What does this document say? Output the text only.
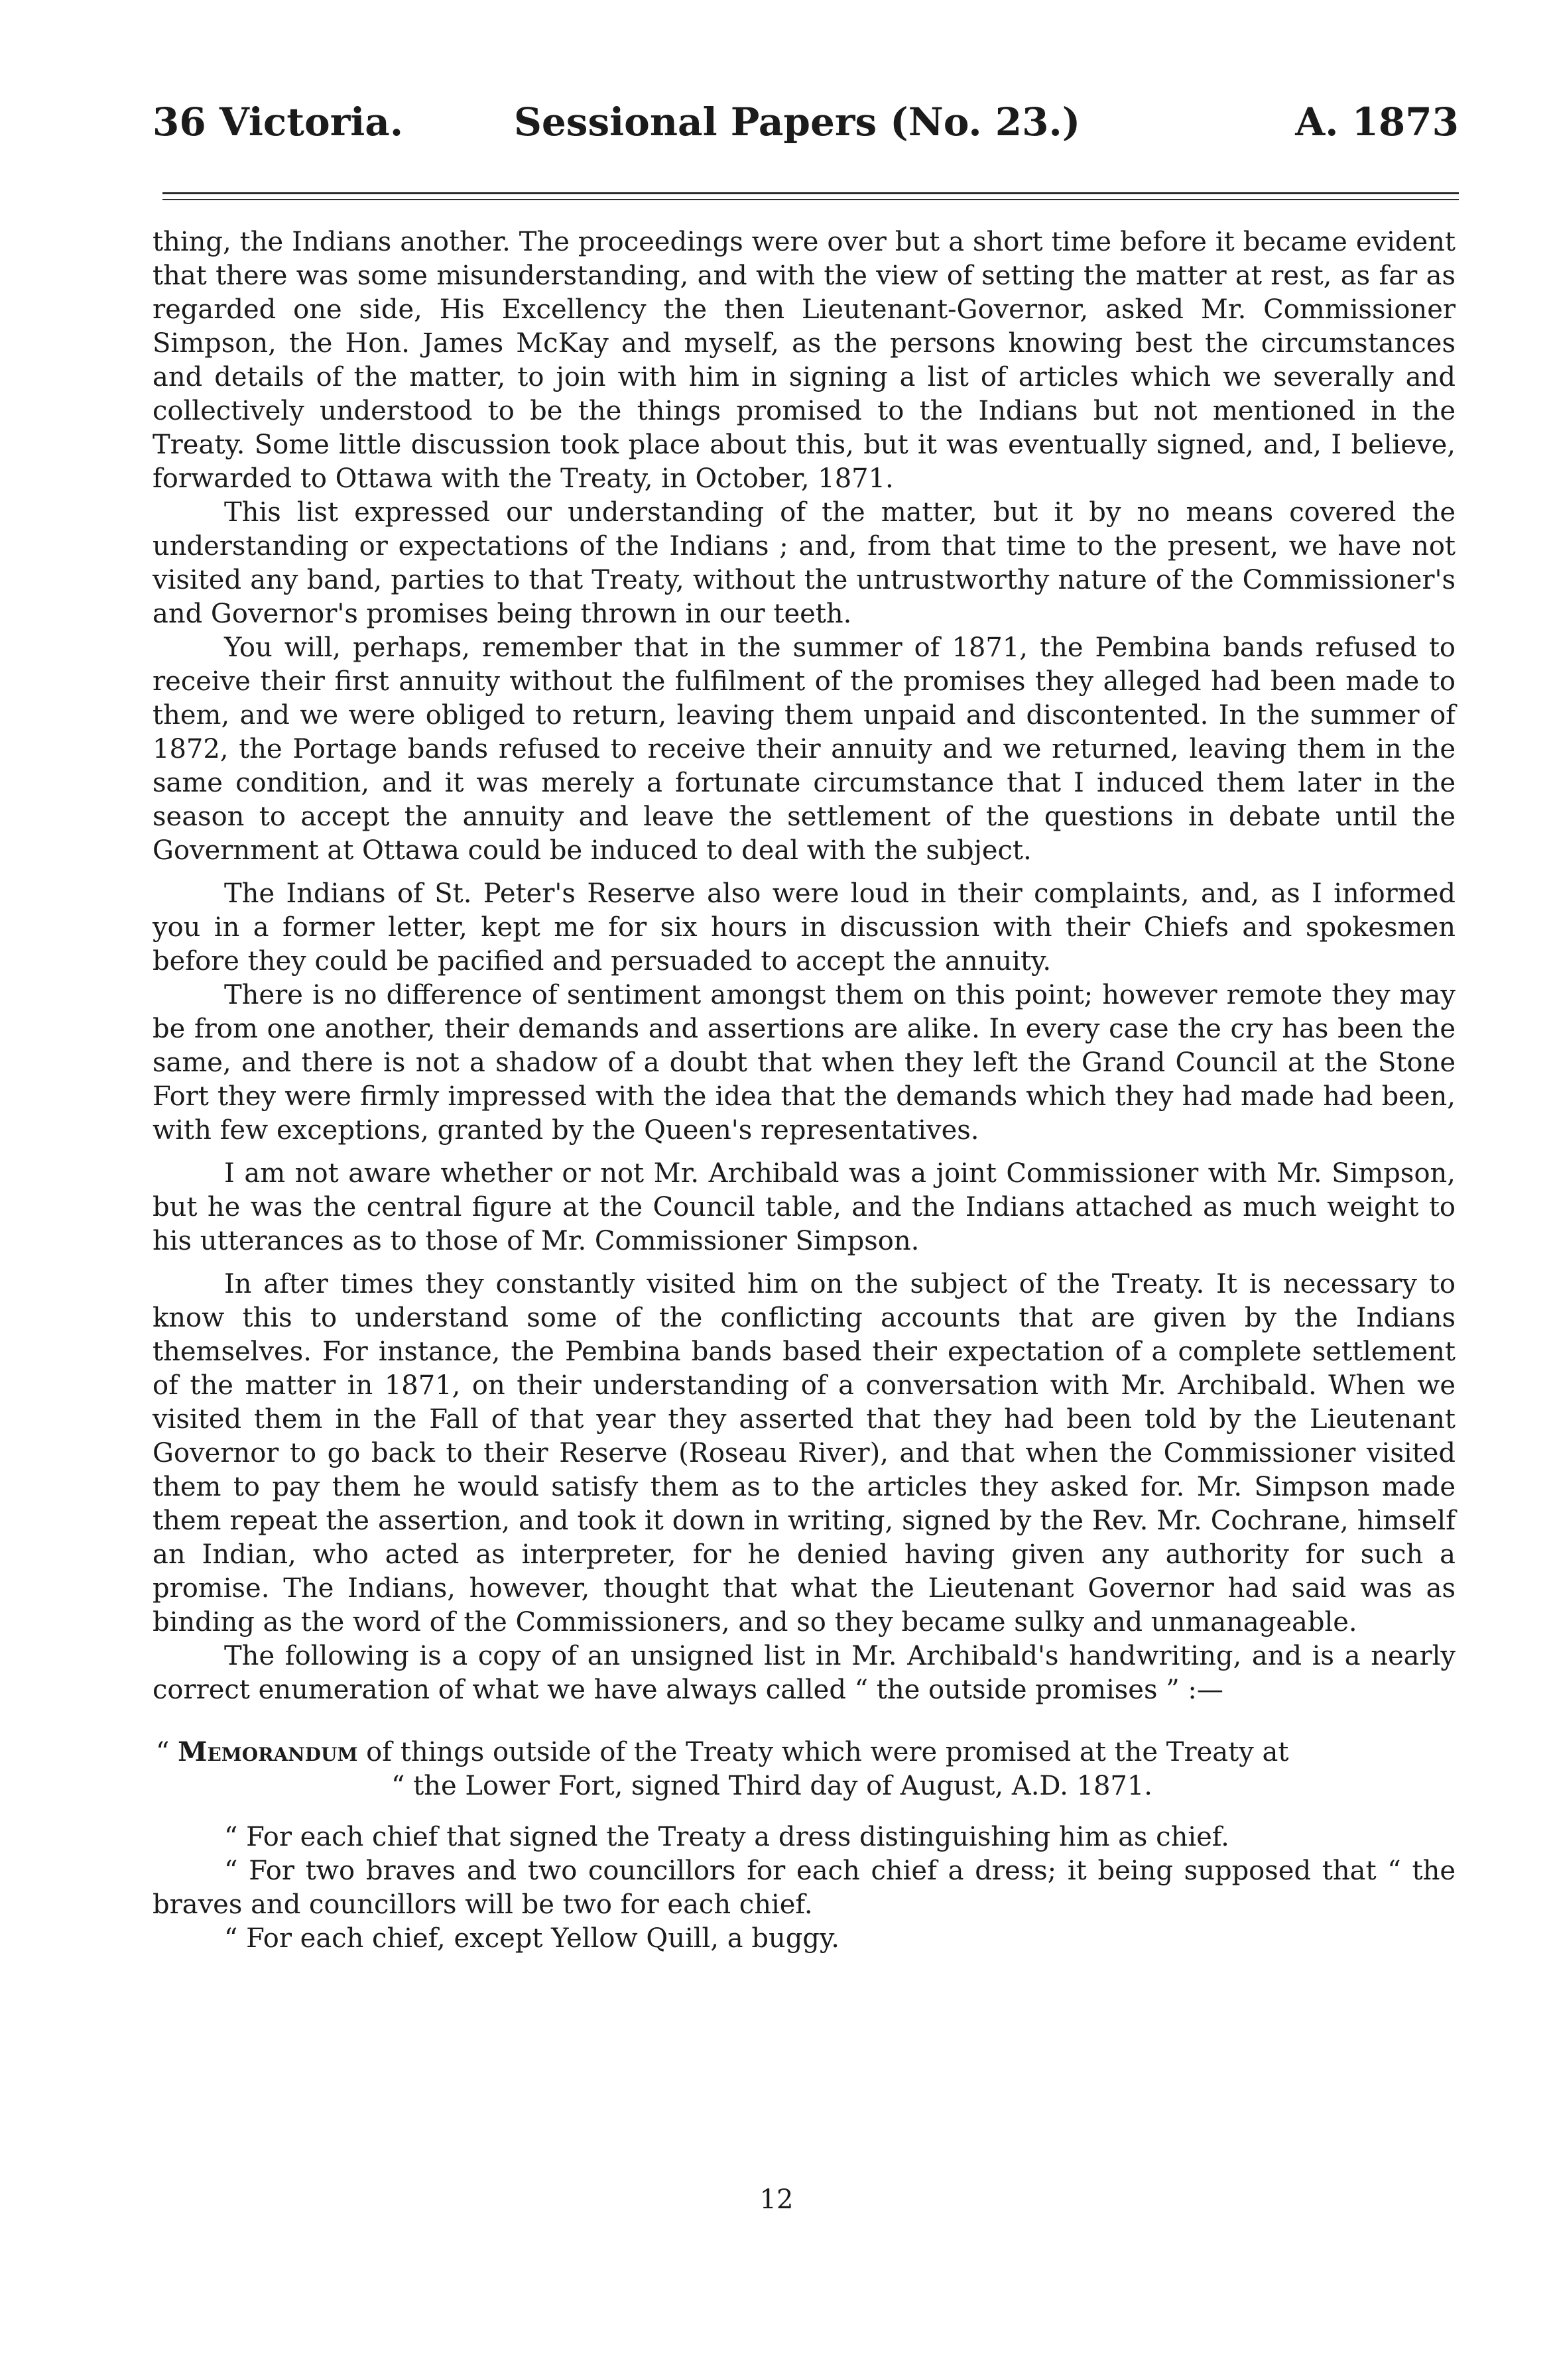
36 Victoria.	Sessional Papers (No. 23.)	A. 1873

thing, the Indians another. The proceedings were over but a short time before it became evident that there was some misunderstanding, and with the view of setting the matter at rest, as far as regarded one side, His Excellency the then Lieutenant-Governor, asked Mr. Commissioner Simpson, the Hon. James McKay and myself, as the persons knowing best the circumstances and details of the matter, to join with him in signing a list of articles which we severally and collectively understood to be the things promised to the Indians but not mentioned in the Treaty. Some little discussion took place about this, but it was eventually signed, and, I believe, forwarded to Ottawa with the Treaty, in October, 1871.

This list expressed our understanding of the matter, but it by no means covered the understanding or expectations of the Indians ; and, from that time to the present, we have not visited any band, parties to that Treaty, without the untrustworthy nature of the Commissioner's and Governor's promises being thrown in our teeth.

You will, perhaps, remember that in the summer of 1871, the Pembina bands refused to receive their first annuity without the fulfilment of the promises they alleged had been made to them, and we were obliged to return, leaving them unpaid and discontented. In the summer of 1872, the Portage bands refused to receive their annuity and we returned, leaving them in the same condition, and it was merely a fortunate circumstance that I induced them later in the season to accept the annuity and leave the settlement of the questions in debate until the Government at Ottawa could be induced to deal with the subject.

The Indians of St. Peter's Reserve also were loud in their complaints, and, as I informed you in a former letter, kept me for six hours in discussion with their Chiefs and spokesmen before they could be pacified and persuaded to accept the annuity.

There is no difference of sentiment amongst them on this point; however remote they may be from one another, their demands and assertions are alike. In every case the cry has been the same, and there is not a shadow of a doubt that when they left the Grand Council at the Stone Fort they were firmly impressed with the idea that the demands which they had made had been, with few exceptions, granted by the Queen's representatives.

I am not aware whether or not Mr. Archibald was a joint Commissioner with Mr. Simpson, but he was the central figure at the Council table, and the Indians attached as much weight to his utterances as to those of Mr. Commissioner Simpson.

In after times they constantly visited him on the subject of the Treaty. It is necessary to know this to understand some of the conflicting accounts that are given by the Indians themselves. For instance, the Pembina bands based their expectation of a complete settlement of the matter in 1871, on their understanding of a conversation with Mr. Archibald. When we visited them in the Fall of that year they asserted that they had been told by the Lieutenant Governor to go back to their Reserve (Roseau River), and that when the Commissioner visited them to pay them he would satisfy them as to the articles they asked for. Mr. Simpson made them repeat the assertion, and took it down in writing, signed by the Rev. Mr. Cochrane, himself an Indian, who acted as interpreter, for he denied having given any authority for such a promise. The Indians, however, thought that what the Lieutenant Governor had said was as binding as the word of the Commissioners, and so they became sulky and unmanageable.

The following is a copy of an unsigned list in Mr. Archibald's handwriting, and is a nearly correct enumeration of what we have always called “ the outside promises ” :—

“ Memorandum of things outside of the Treaty which were promised at the Treaty at

“ the Lower Fort, signed Third day of August, A.D. 1871.

“ For each chief that signed the Treaty a dress distinguishing him as chief.

“ For two braves and two councillors for each chief a dress; it being supposed that “ the braves and councillors will be two for each chief.

“ For each chief, except Yellow Quill, a buggy.

12
